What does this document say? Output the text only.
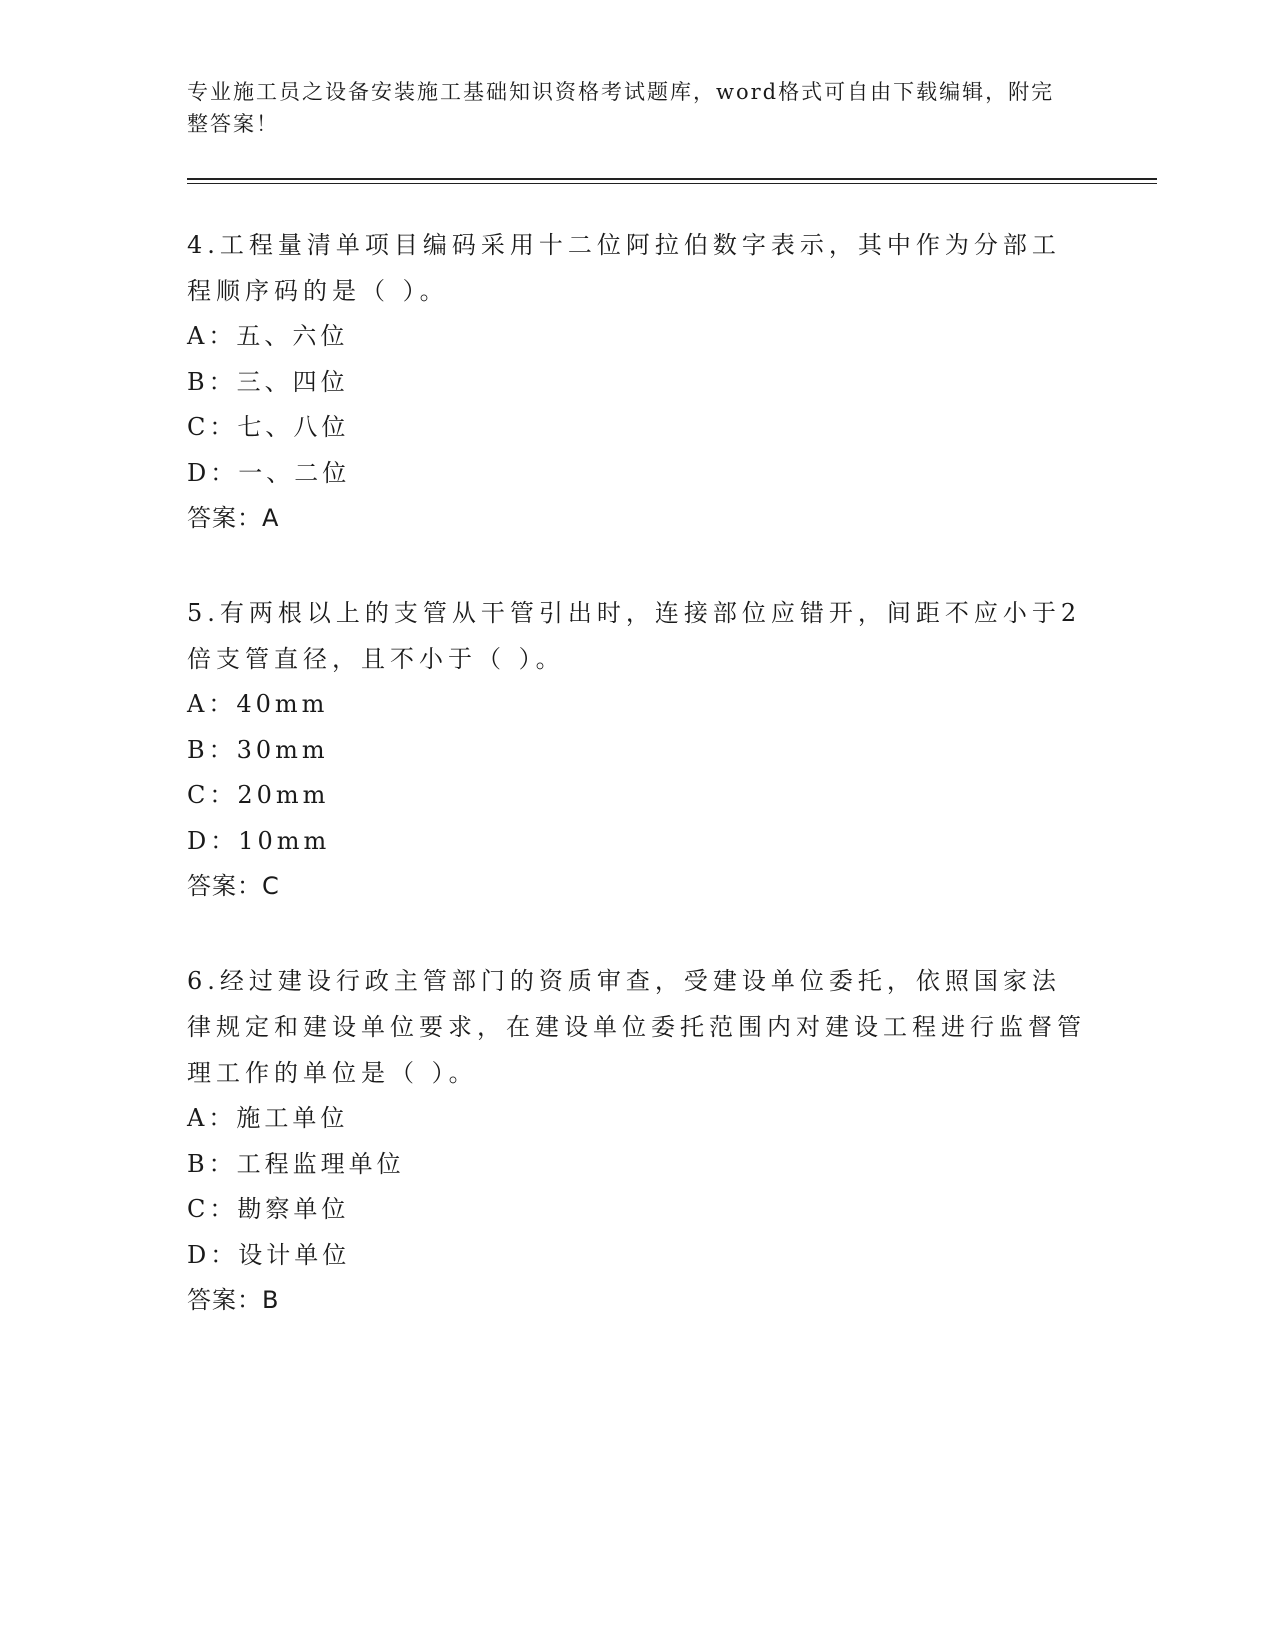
专业施工员之设备安装施工基础知识资格考试题库，word格式可自由下载编辑，附完整答案！

4.工程量清单项目编码采用十二位阿拉伯数字表示，其中作为分部工程顺序码的是（ ）。

A：五、六位

B：三、四位

C：七、八位

D：一、二位

答案：A

5.有两根以上的支管从干管引出时，连接部位应错开，间距不应小于2倍支管直径，且不小于（ ）。

A：40mm

B：30mm

C：20mm

D：10mm

答案：C

6.经过建设行政主管部门的资质审查，受建设单位委托，依照国家法律规定和建设单位要求，在建设单位委托范围内对建设工程进行监督管理工作的单位是（ ）。

A：施工单位

B：工程监理单位

C：勘察单位

D：设计单位

答案：B
